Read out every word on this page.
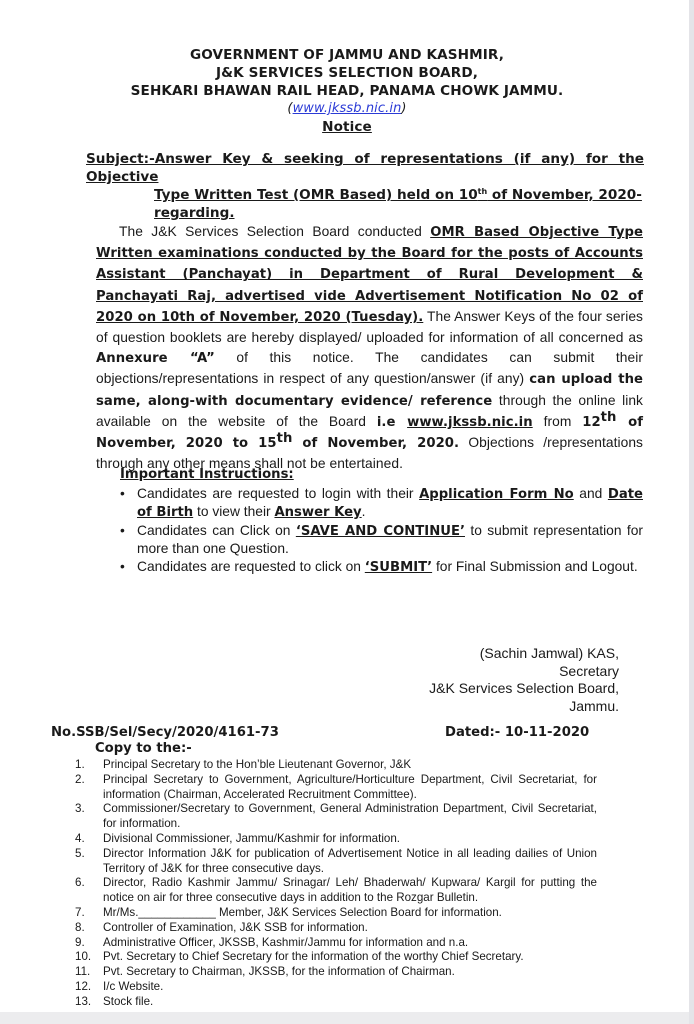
GOVERNMENT OF JAMMU AND KASHMIR,
J&K SERVICES SELECTION BOARD,
SEHKARI BHAWAN RAIL HEAD, PANAMA CHOWK JAMMU.
(www.jkssb.nic.in)
Notice
Subject:-Answer Key & seeking of representations (if any) for the Objective
Type Written Test (OMR Based) held on 10th of November, 2020-
regarding.
The J&K Services Selection Board conducted OMR Based Objective Type Written examinations conducted by the Board for the posts of Accounts Assistant (Panchayat) in Department of Rural Development & Panchayati Raj, advertised vide Advertisement Notification No 02 of 2020 on 10th of November, 2020 (Tuesday). The Answer Keys of the four series of question booklets are hereby displayed/ uploaded for information of all concerned as Annexure “A” of this notice. The candidates can submit their objections/representations in respect of any question/answer (if any) can upload the same, along-with documentary evidence/ reference through the online link available on the website of the Board i.e www.jkssb.nic.in from 12th of November, 2020 to 15th of November, 2020. Objections /representations through any other means shall not be entertained.
Important Instructions:
• Candidates are requested to login with their Application Form No and Date of Birth to view their Answer Key.
• Candidates can Click on ‘SAVE AND CONTINUE’ to submit representation for more than one Question.
• Candidates are requested to click on ‘SUBMIT’ for Final Submission and Logout.
(Sachin Jamwal) KAS,
Secretary
J&K Services Selection Board,
Jammu.
No.SSB/Sel/Secy/2020/4161-73	Dated:- 10-11-2020
Copy to the:-
1. Principal Secretary to the Hon’ble Lieutenant Governor, J&K
2. Principal Secretary to Government, Agriculture/Horticulture Department, Civil Secretariat, for information (Chairman, Accelerated Recruitment Committee).
3. Commissioner/Secretary to Government, General Administration Department, Civil Secretariat, for information.
4. Divisional Commissioner, Jammu/Kashmir for information.
5. Director Information J&K for publication of Advertisement Notice in all leading dailies of Union Territory of J&K for three consecutive days.
6. Director, Radio Kashmir Jammu/ Srinagar/ Leh/ Bhaderwah/ Kupwara/ Kargil for putting the notice on air for three consecutive days in addition to the Rozgar Bulletin.
7. Mr/Ms.____________ Member, J&K Services Selection Board for information.
8. Controller of Examination, J&K SSB for information.
9. Administrative Officer, JKSSB, Kashmir/Jammu for information and n.a.
10. Pvt. Secretary to Chief Secretary for the information of the worthy Chief Secretary.
11. Pvt. Secretary to Chairman, JKSSB, for the information of Chairman.
12. I/c Website.
13. Stock file.
